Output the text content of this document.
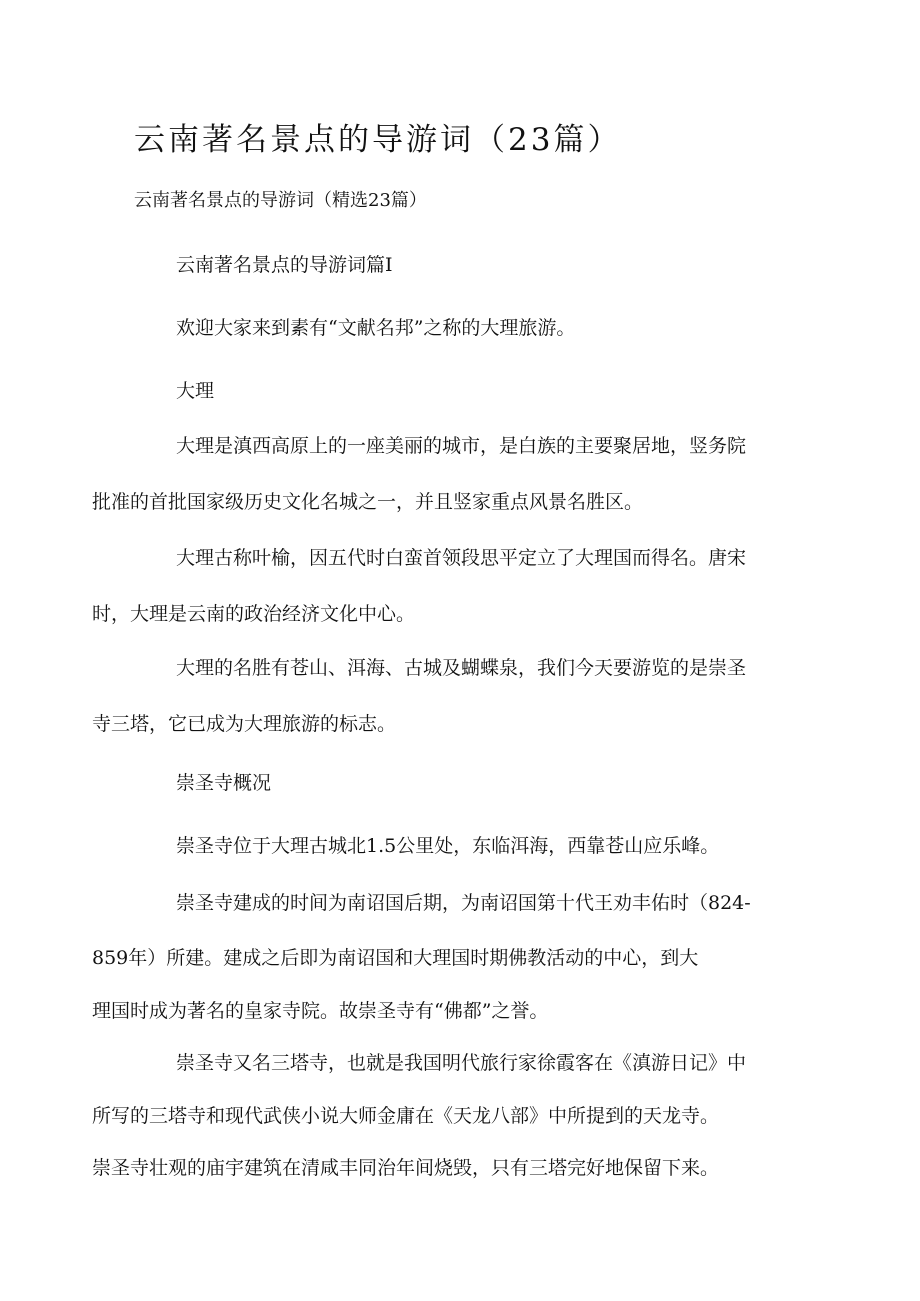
云南著名景点的导游词（23篇）

云南著名景点的导游词（精选23篇）

云南著名景点的导游词篇I

欢迎大家来到素有“文献名邦”之称的大理旅游。

大理

大理是滇西高原上的一座美丽的城市，是白族的主要聚居地，竖务院
批准的首批国家级历史文化名城之一，并且竖家重点风景名胜区。
大理古称叶榆，因五代时白蛮首领段思平定立了大理国而得名。唐宋
时，大理是云南的政治经济文化中心。
大理的名胜有苍山、洱海、古城及蝴蝶泉，我们今天要游览的是崇圣
寺三塔，它已成为大理旅游的标志。

崇圣寺概况

崇圣寺位于大理古城北1.5公里处，东临洱海，西靠苍山应乐峰。

崇圣寺建成的时间为南诏国后期，为南诏国第十代王劝丰佑时（824-
859年）所建。建成之后即为南诏国和大理国时期佛教活动的中心，到大
理国时成为著名的皇家寺院。故崇圣寺有“佛都”之誉。
崇圣寺又名三塔寺，也就是我国明代旅行家徐霞客在《滇游日记》中
所写的三塔寺和现代武侠小说大师金庸在《天龙八部》中所提到的天龙寺。
崇圣寺壮观的庙宇建筑在清咸丰同治年间烧毁，只有三塔完好地保留下来。
